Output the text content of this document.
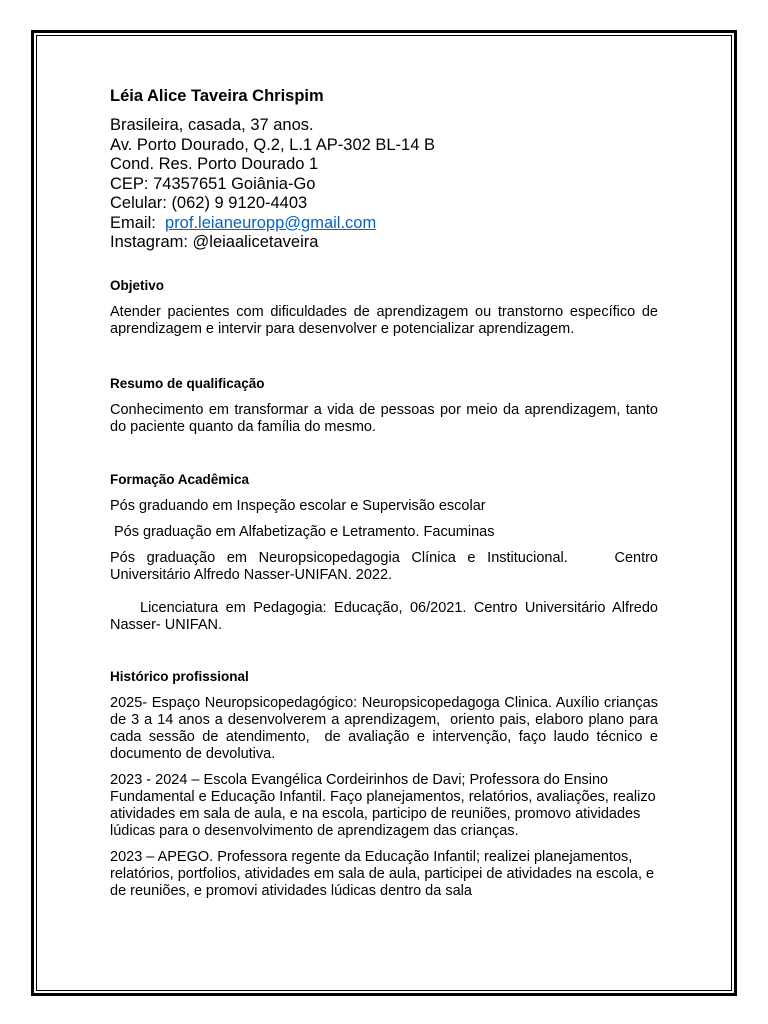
Léia Alice Taveira Chrispim
Brasileira, casada, 37 anos.
Av. Porto Dourado, Q.2, L.1 AP-302 BL-14 B
Cond. Res. Porto Dourado 1
CEP: 74357651 Goiânia-Go
Celular: (062) 9 9120-4403
Email: prof.leianeuropp@gmail.com
Instagram: @leiaalicetaveira
Objetivo

Atender pacientes com dificuldades de aprendizagem ou transtorno específico de aprendizagem e intervir para desenvolver e potencializar aprendizagem.

Resumo de qualificação

Conhecimento em transformar a vida de pessoas por meio da aprendizagem, tanto do paciente quanto da família do mesmo.

Formação Acadêmica

Pós graduando em Inspeção escolar e Supervisão escolar

Pós graduação em Alfabetização e Letramento. Facuminas

Pós graduação em Neuropsicopedagogia Clínica e Institucional.    Centro Universitário Alfredo Nasser-UNIFAN. 2022.

Licenciatura em Pedagogia: Educação, 06/2021. Centro Universitário Alfredo Nasser- UNIFAN.

Histórico profissional

2025- Espaço Neuropsicopedagógico: Neuropsicopedagoga Clinica. Auxílio crianças de 3 a 14 anos a desenvolverem a aprendizagem,  oriento pais, elaboro plano para cada sessão de atendimento,  de avaliação e intervenção, faço laudo técnico e documento de devolutiva.

2023 - 2024 – Escola Evangélica Cordeirinhos de Davi; Professora do Ensino Fundamental e Educação Infantil. Faço planejamentos, relatórios, avaliações, realizo atividades em sala de aula, e na escola, participo de reuniões, promovo atividades lúdicas para o desenvolvimento de aprendizagem das crianças.

2023 – APEGO. Professora regente da Educação Infantil; realizei planejamentos, relatórios, portfolios, atividades em sala de aula, participei de atividades na escola, e de reuniões, e promovi atividades lúdicas dentro da sala
